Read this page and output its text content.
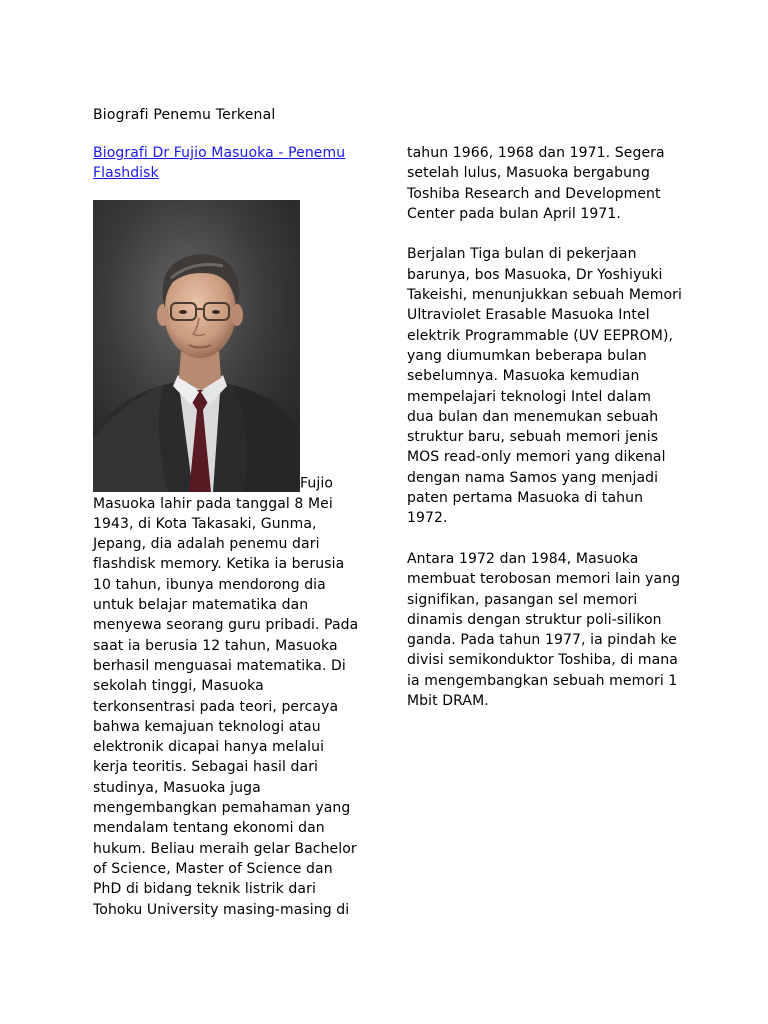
Biografi Penemu Terkenal
Biografi Dr Fujio Masuoka - Penemu Flashdisk

Fujio Masuoka lahir pada tanggal 8 Mei 1943, di Kota Takasaki, Gunma, Jepang, dia adalah penemu dari flashdisk memory. Ketika ia berusia 10 tahun, ibunya mendorong dia untuk belajar matematika dan menyewa seorang guru pribadi. Pada saat ia berusia 12 tahun, Masuoka berhasil menguasai matematika. Di sekolah tinggi, Masuoka terkonsentrasi pada teori, percaya bahwa kemajuan teknologi atau elektronik dicapai hanya melalui kerja teoritis. Sebagai hasil dari studinya, Masuoka juga mengembangkan pemahaman yang mendalam tentang ekonomi dan hukum. Beliau meraih gelar Bachelor of Science, Master of Science dan PhD di bidang teknik listrik dari Tohoku University masing-masing di

tahun 1966, 1968 dan 1971. Segera setelah lulus, Masuoka bergabung Toshiba Research and Development Center pada bulan April 1971.

Berjalan Tiga bulan di pekerjaan barunya, bos Masuoka, Dr Yoshiyuki Takeishi, menunjukkan sebuah Memori Ultraviolet Erasable Masuoka Intel elektrik Programmable (UV EEPROM), yang diumumkan beberapa bulan sebelumnya. Masuoka kemudian mempelajari teknologi Intel dalam dua bulan dan menemukan sebuah struktur baru, sebuah memori jenis MOS read-only memori yang dikenal dengan nama Samos yang menjadi paten pertama Masuoka di tahun 1972.

Antara 1972 dan 1984, Masuoka membuat terobosan memori lain yang signifikan, pasangan sel memori dinamis dengan struktur poli-silikon ganda. Pada tahun 1977, ia pindah ke divisi semikonduktor Toshiba, di mana ia mengembangkan sebuah memori 1 Mbit DRAM.
